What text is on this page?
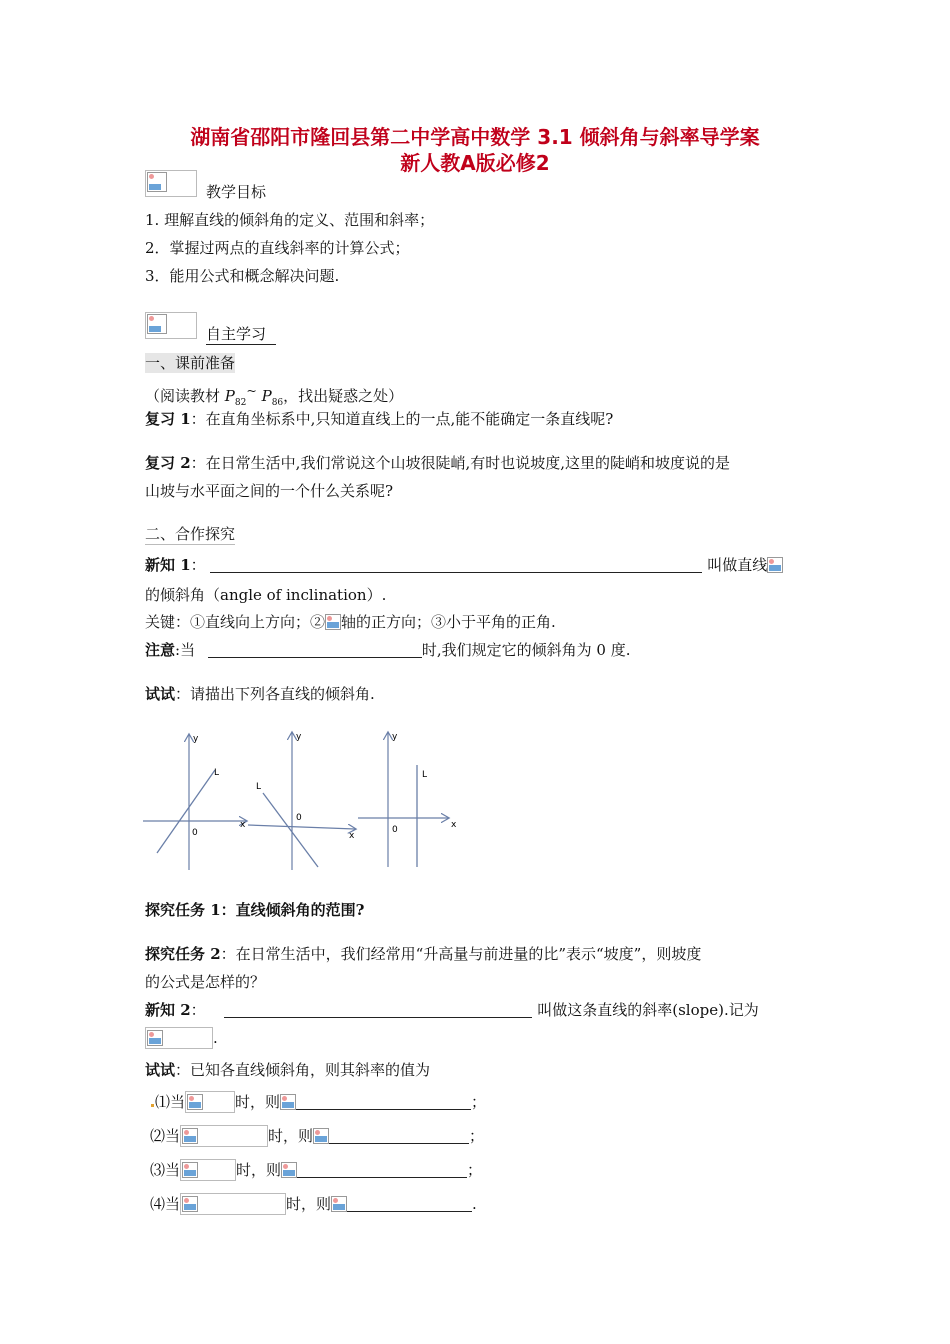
湖南省邵阳市隆回县第二中学高中数学 3.1 倾斜角与斜率导学案
新人教A版必修2
教学目标
1. 理解直线的倾斜角的定义、范围和斜率；
2．掌握过两点的直线斜率的计算公式；
3．能用公式和概念解决问题.
自主学习
一、课前准备
（阅读教材 $P_{82}^\sim$ $P_{86}$，找出疑惑之处）
复习 1：在直角坐标系中,只知道直线上的一点,能不能确定一条直线呢?
复习 2：在日常生活中,我们常说这个山坡很陡峭,有时也说坡度,这里的陡峭和坡度说的是
山坡与水平面之间的一个什么关系呢?
二、合作探究
新知 1：	叫做直线
的倾斜角（angle of inclination）.
关键：①直线向上方向；② 轴的正方向；③小于平角的正角.
注意:当	时,我们规定它的倾斜角为 0 度.
试试：请描出下列各直线的倾斜角.
y
x
0
L
y
x
0
L
y
x
0
L
探究任务 1：直线倾斜角的范围?
探究任务 2：在日常生活中，我们经常用“升高量与前进量的比”表示“坡度”，则坡度
的公式是怎样的？
新知 2：	叫做这条直线的斜率(slope).记为
.
试试：已知各直线倾斜角，则其斜率的值为
⑴当	时，则	；
⑵当	时，则	；
⑶当	时，则	；
⑷当	时，则	.
